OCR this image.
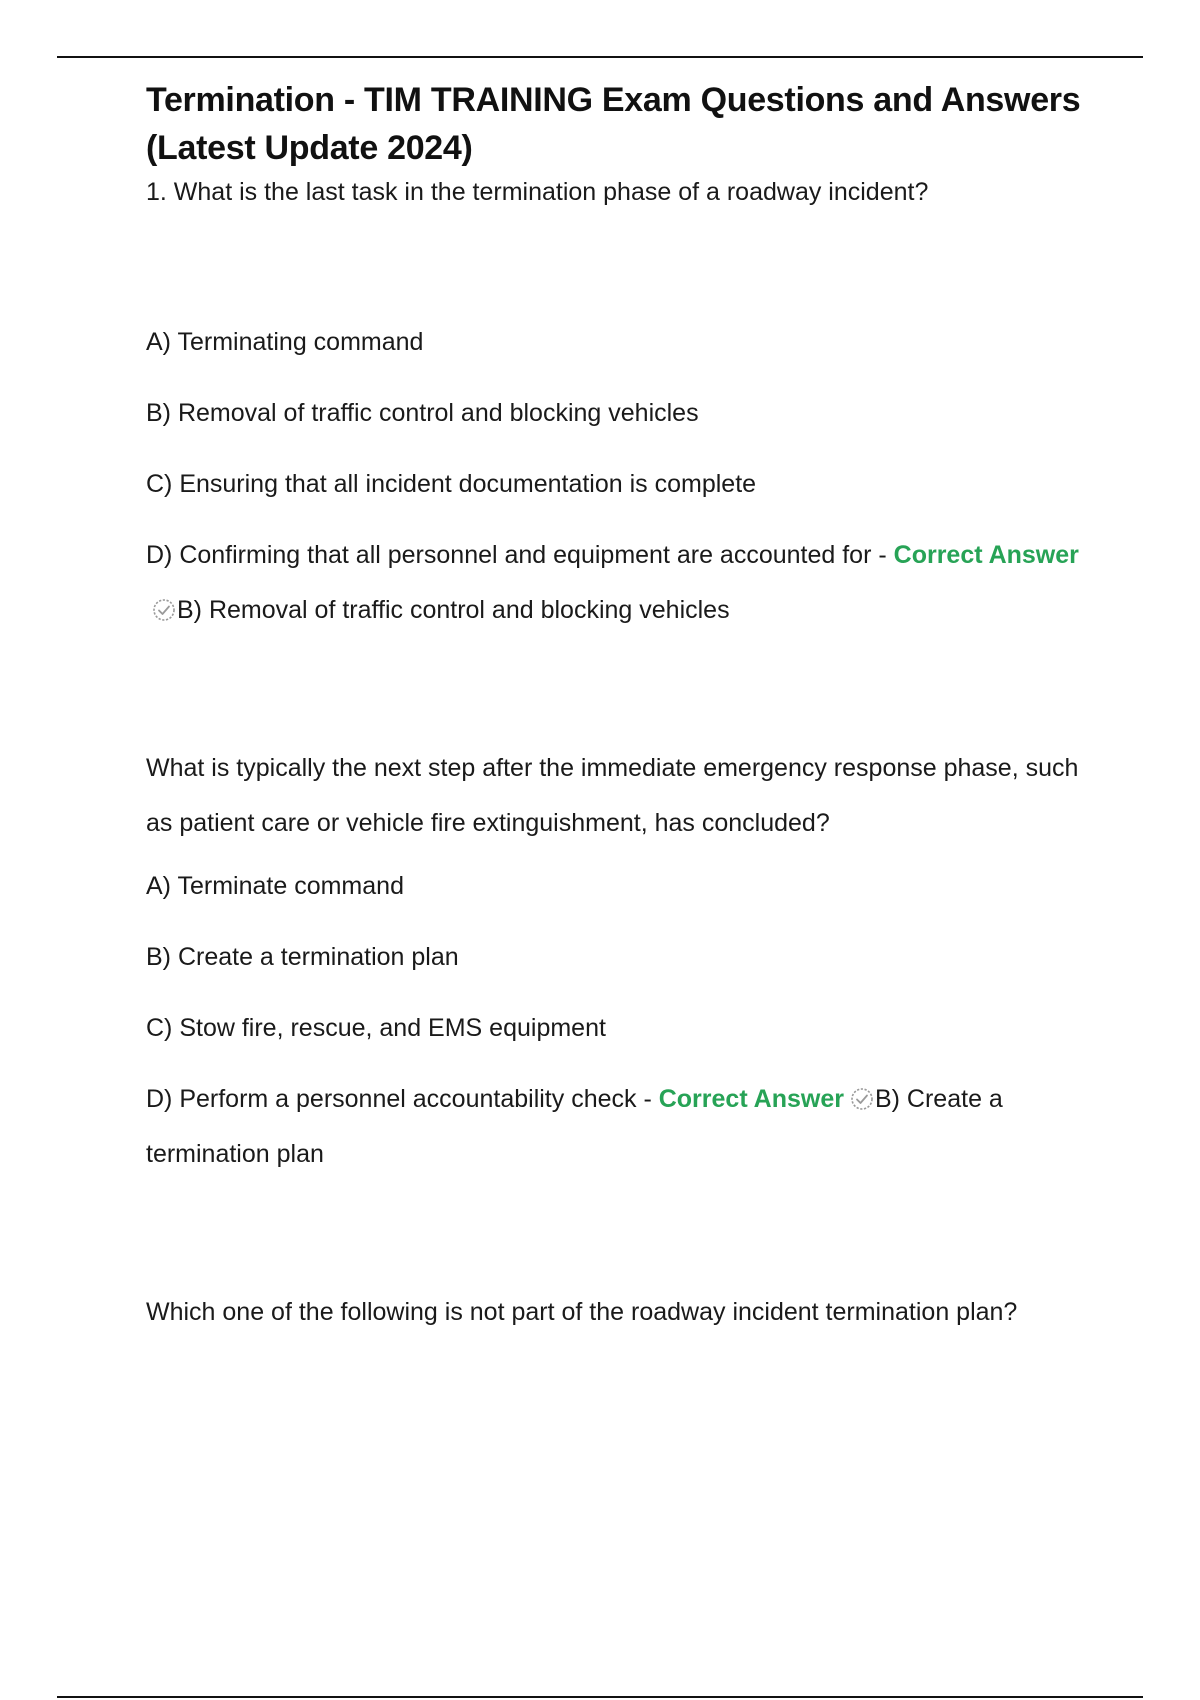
Termination - TIM TRAINING Exam Questions and Answers (Latest Update 2024)

1. What is the last task in the termination phase of a roadway incident?

A) Terminating command

B) Removal of traffic control and blocking vehicles

C) Ensuring that all incident documentation is complete

D) Confirming that all personnel and equipment are accounted for - Correct AnswerB) Removal of traffic control and blocking vehicles

What is typically the next step after the immediate emergency response phase, such as patient care or vehicle fire extinguishment, has concluded?

A) Terminate command

B) Create a termination plan

C) Stow fire, rescue, and EMS equipment

D) Perform a personnel accountability check - Correct Answer B) Create a termination plan

Which one of the following is not part of the roadway incident termination plan?
